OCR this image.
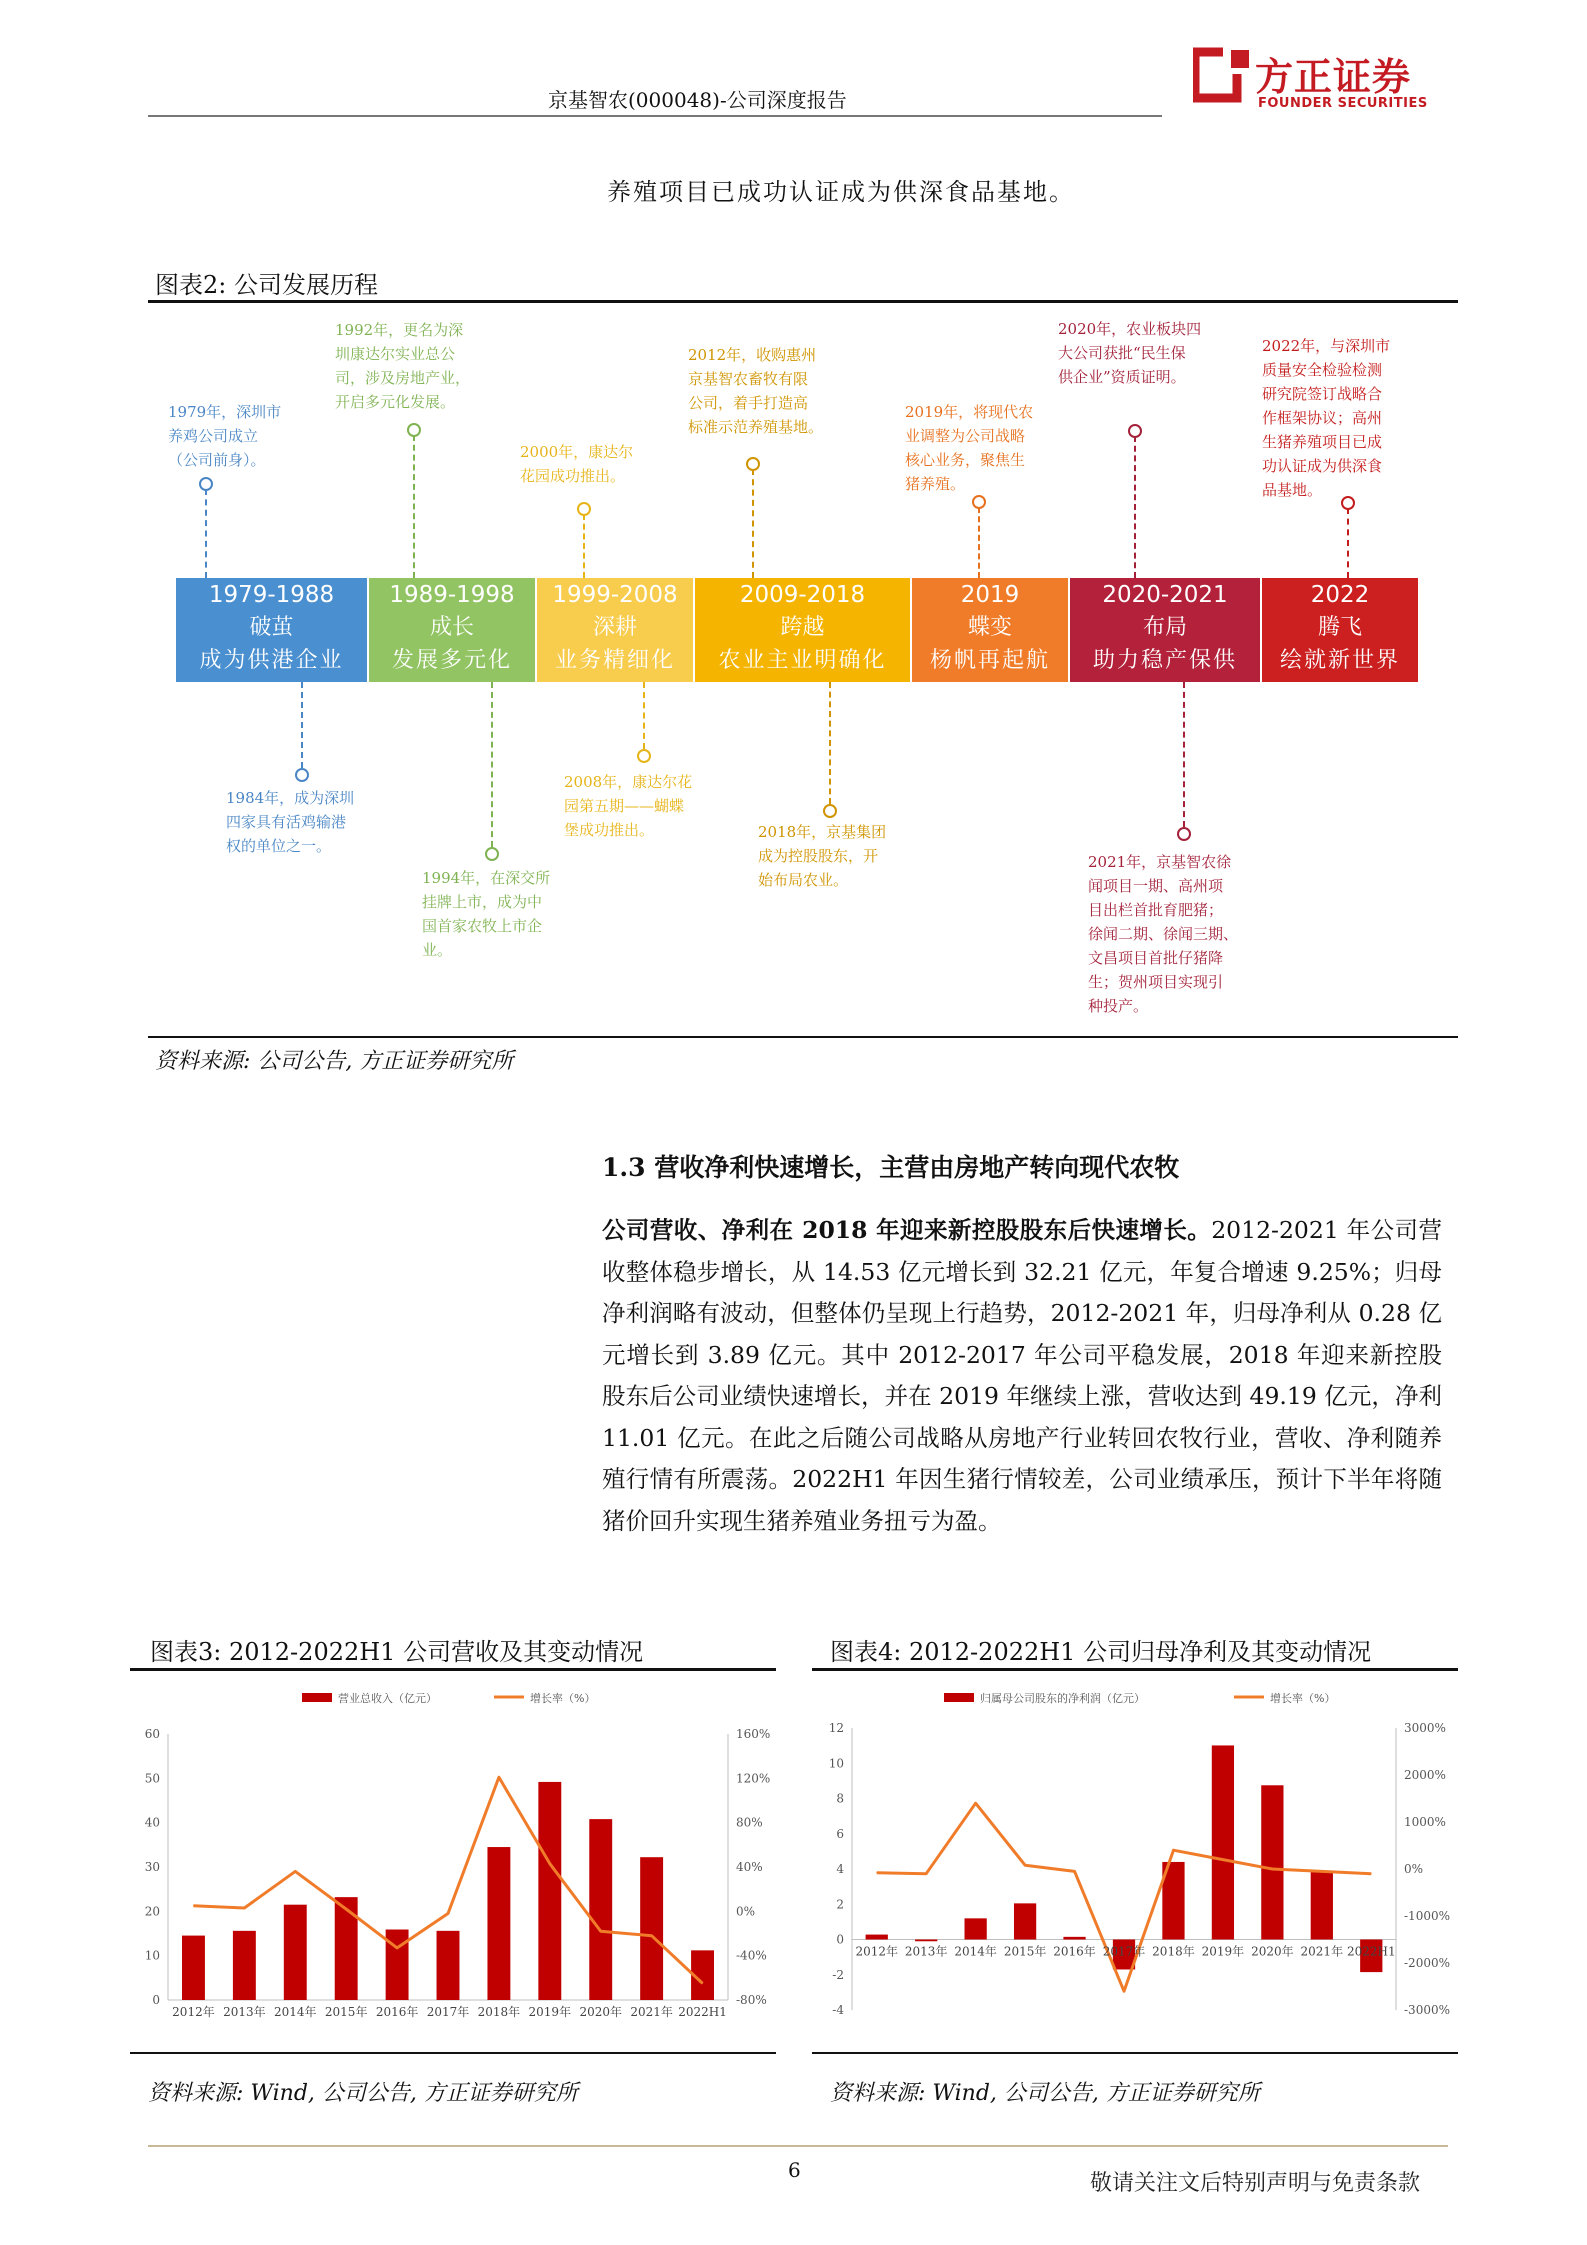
京基智农(000048)-公司深度报告
方正证券
FOUNDER SECURITIES
养殖项目已成功认证成为供深食品基地。
图表2: 公司发展历程
1979-1988
破茧
成为供港企业
1989-1998
成长
发展多元化
1999-2008
深耕
业务精细化
2009-2018
跨越
农业主业明确化
2019
蝶变
杨帆再起航
2020-2021
布局
助力稳产保供
2022
腾飞
绘就新世界
1979年，深圳市
养鸡公司成立
（公司前身）。
1992年，更名为深
圳康达尔实业总公
司，涉及房地产业，
开启多元化发展。
2000年，康达尔
花园成功推出。
2012年，收购惠州
京基智农畜牧有限
公司，着手打造高
标准示范养殖基地。
2019年，将现代农
业调整为公司战略
核心业务，聚焦生
猪养殖。
2020年，农业板块四
大公司获批“民生保
供企业”资质证明。
2022年，与深圳市
质量安全检验检测
研究院签订战略合
作框架协议；高州
生猪养殖项目已成
功认证成为供深食
品基地。
1984年，成为深圳
四家具有活鸡输港
权的单位之一。
1994年，在深交所
挂牌上市，成为中
国首家农牧上市企
业。
2008年，康达尔花
园第五期——蝴蝶
堡成功推出。	2018年，京基集团
成为控股股东，开
始布局农业。
2021年，京基智农徐
闻项目一期、高州项
目出栏首批育肥猪；
徐闻二期、徐闻三期、
文昌项目首批仔猪降
生；贺州项目实现引
种投产。
资料来源: 公司公告, 方正证券研究所
1.3 营收净利快速增长，主营由房地产转向现代农牧
公司营收、净利在 2018 年迎来新控股股东后快速增长。2012-2021 年公司营收整体稳步增长，从 14.53 亿元增长到 32.21 亿元，年复合增速 9.25%；归母净利润略有波动，但整体仍呈现上行趋势，2012-2021 年，归母净利从 0.28 亿元增长到 3.89 亿元。其中 2012-2017 年公司平稳发展，2018 年迎来新控股股东后公司业绩快速增长，并在 2019 年继续上涨，营收达到 49.19 亿元，净利 11.01 亿元。在此之后随公司战略从房地产行业转回农牧行业，营收、净利随养殖行情有所震荡。2022H1 年因生猪行情较差，公司业绩承压，预计下半年将随猪价回升实现生猪养殖业务扭亏为盈。
图表3: 2012-2022H1 公司营收及其变动情况
0
10
20
30
40
50
60
-80%
-40%
0%
40%
80%
120%
160%
2012年 2013年 2014年 2015年 2016年 2017年 2018年 2019年 2020年 2021年 2022H1
营业总收入（亿元）	增长率（%）
资料来源: Wind, 公司公告, 方正证券研究所
图表4: 2012-2022H1 公司归母净利及其变动情况
-4
-2
0
2
4
6
8
10
12
-3000%
-2000%
-1000%
0%
1000%
2000%
3000%
2012年 2013年 2014年 2015年 2016年 2017年 2018年 2019年 2020年 2021年 2022H1
归属母公司股东的净利润（亿元）	增长率（%）
资料来源: Wind, 公司公告, 方正证券研究所
6
敬请关注文后特别声明与免责条款
